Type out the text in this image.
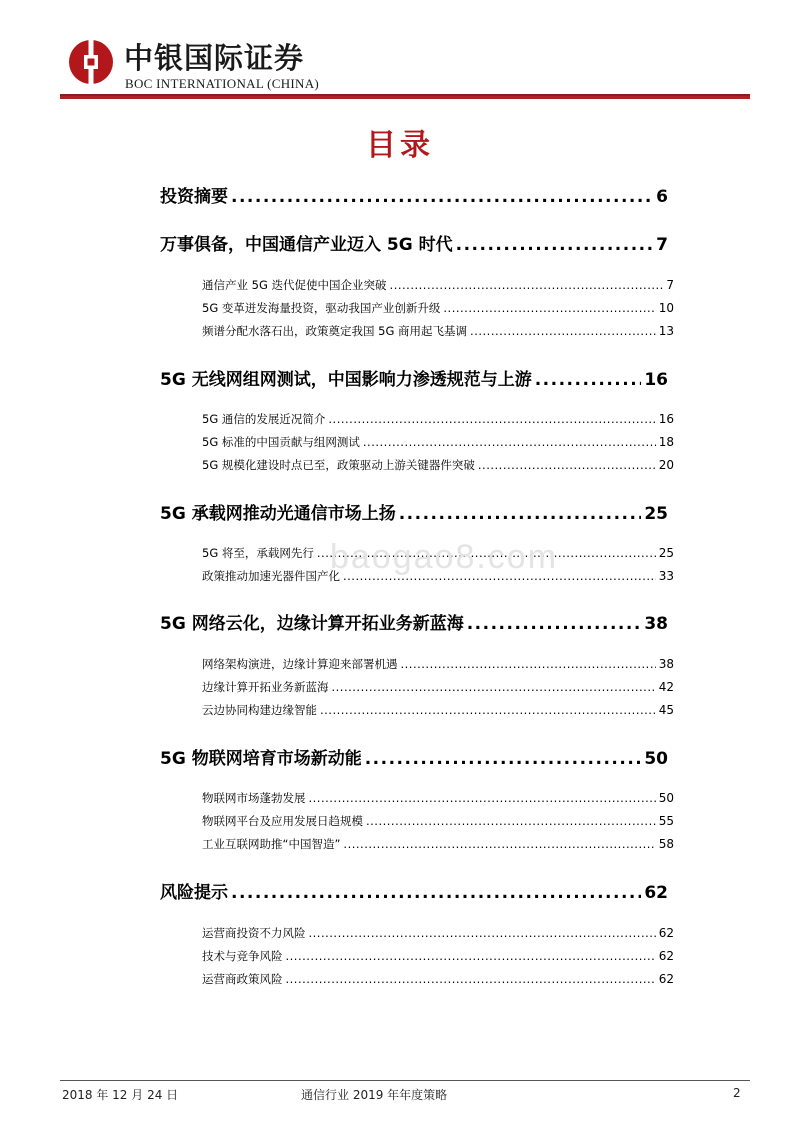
中银国际证券
BOC INTERNATIONAL (CHINA)
目录
投资摘要 .....	6
万事俱备，中国通信产业迈入 5G 时代 .....	7
通信产业 5G 迭代促使中国企业突破 .....	7
5G 变革迸发海量投资，驱动我国产业创新升级 .....	10
频谱分配水落石出，政策奠定我国 5G 商用起飞基调 .....	13
5G 无线网组网测试，中国影响力渗透规范与上游 .....	16
5G 通信的发展近况简介 .....	16
5G 标准的中国贡献与组网测试 .....	18
5G 规模化建设时点已至，政策驱动上游关键器件突破 .....	20
5G 承载网推动光通信市场上扬 .....	25
5G 将至，承载网先行 .....	25
政策推动加速光器件国产化 .....	33
5G 网络云化，边缘计算开拓业务新蓝海 .....	38
网络架构演进，边缘计算迎来部署机遇 .....	38
边缘计算开拓业务新蓝海 .....	42
云边协同构建边缘智能 .....	45
5G 物联网培育市场新动能 .....	50
物联网市场蓬勃发展 .....	50
物联网平台及应用发展日趋规模 .....	55
工业互联网助推“中国智造” .....	58
风险提示 .....	62
运营商投资不力风险 .....	62
技术与竞争风险 .....	62
运营商政策风险 .....	62
baogao8.com
2018 年 12 月 24 日	通信行业 2019 年年度策略	2
